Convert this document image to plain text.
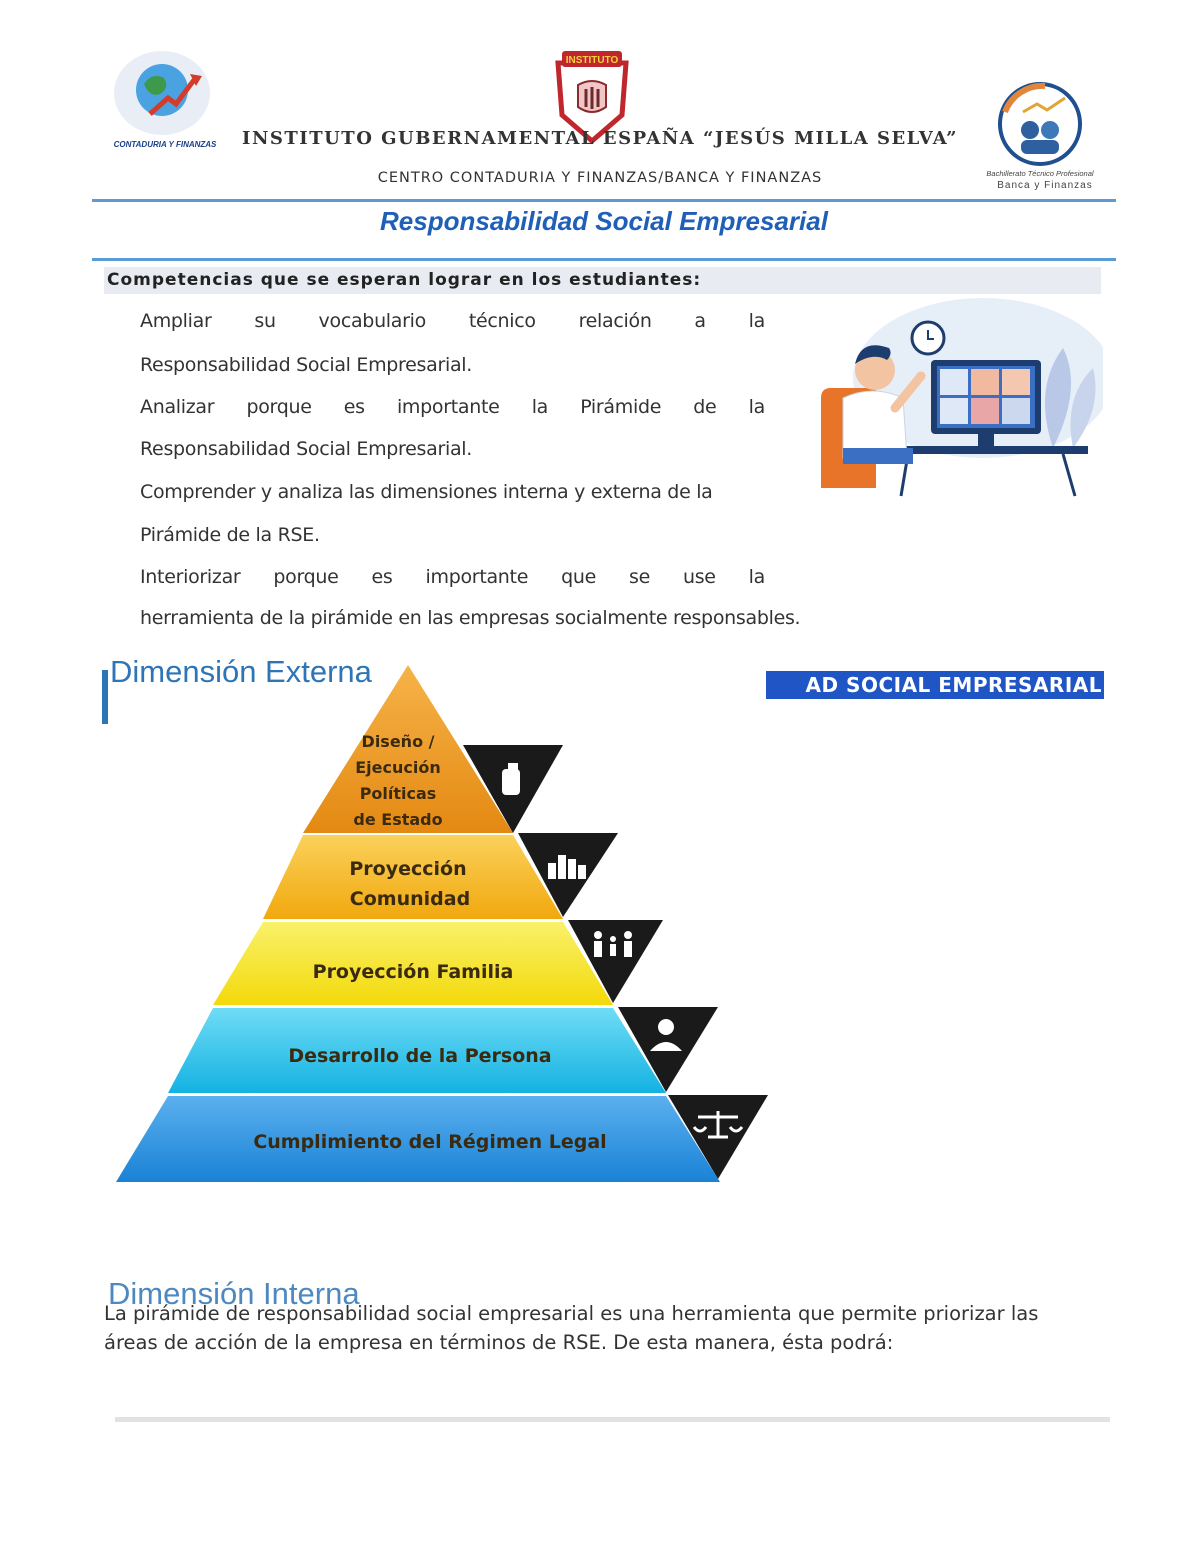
CONTADURIA Y FINANZAS
INSTITUTO
Bachillerato Técnico Profesional
Banca y Finanzas
INSTITUTO GUBERNAMENTAL ESPAÑA “JESÚS MILLA SELVA”
CENTRO CONTADURIA Y FINANZAS/BANCA Y FINANZAS
Responsabilidad Social Empresarial
Competencias que se esperan lograr en los estudiantes:
Ampliar su vocabulario técnico relación a la
Responsabilidad Social Empresarial.
Analizar porque es importante la Pirámide de la
Responsabilidad Social Empresarial.
Comprender y analiza las dimensiones interna y externa de la
Pirámide de la RSE.
Interiorizar porque es importante que se use la
herramienta de la pirámide en las empresas socialmente responsables.
Diseño /
Ejecución
Políticas
de Estado
Proyección
Comunidad
Proyección Familia
Desarrollo de la Persona
Cumplimiento del Régimen Legal
Dimensión Externa	AD SOCIAL EMPRESARIAL
Dimensión Interna
La pirámide de responsabilidad social empresarial es una herramienta que permite priorizar las áreas de acción de la empresa en términos de RSE. De esta manera, ésta podrá:
